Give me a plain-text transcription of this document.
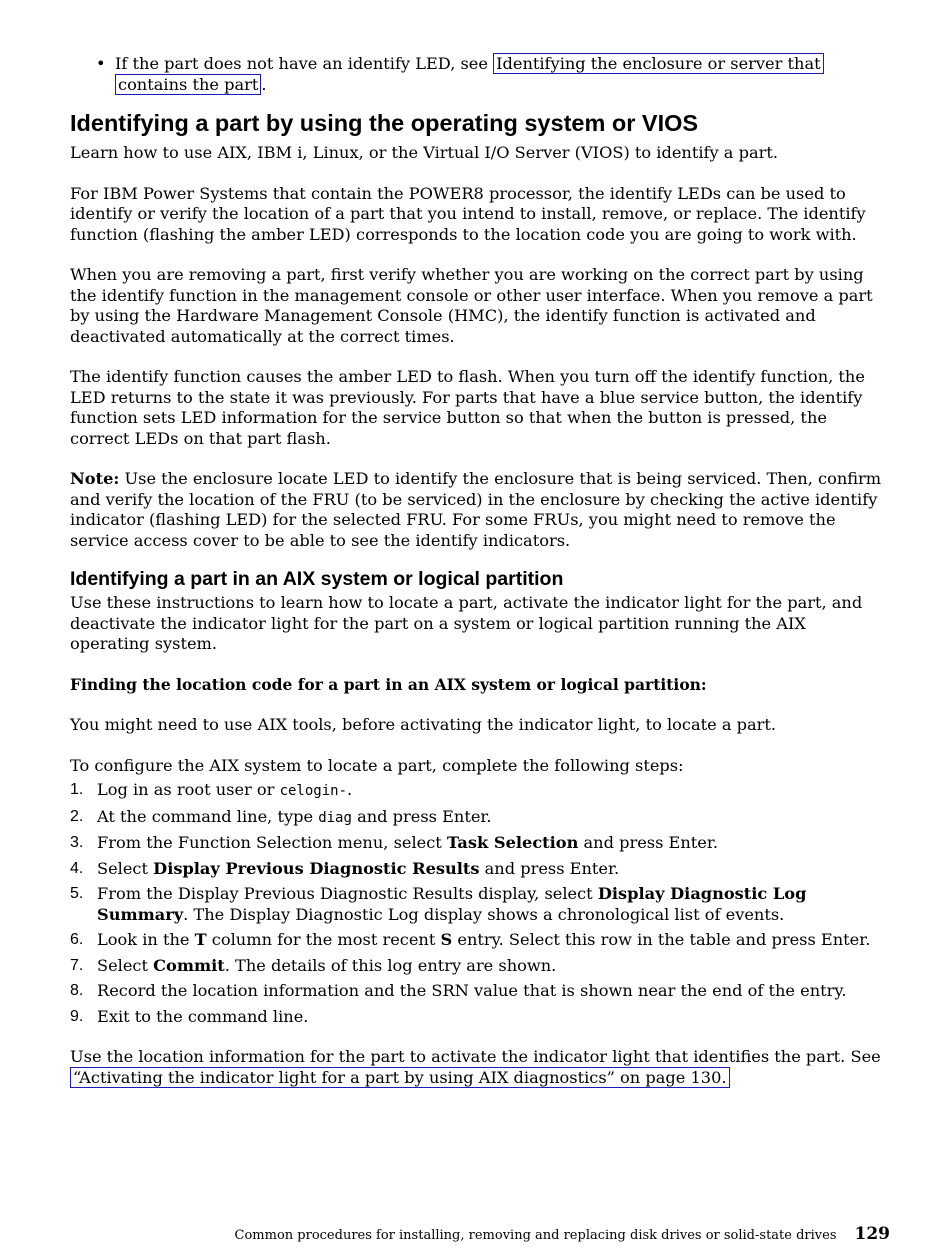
• If the part does not have an identify LED, see Identifying the enclosure or server that contains the part .

Identifying a part by using the operating system or VIOS

Learn how to use AIX, IBM i, Linux, or the Virtual I/O Server (VIOS) to identify a part.

For IBM Power Systems that contain the POWER8 processor, the identify LEDs can be used to identify or verify the location of a part that you intend to install, remove, or replace. The identify function (flashing the amber LED) corresponds to the location code you are going to work with.

When you are removing a part, first verify whether you are working on the correct part by using the identify function in the management console or other user interface. When you remove a part by using the Hardware Management Console (HMC), the identify function is activated and deactivated automatically at the correct times.

The identify function causes the amber LED to flash. When you turn off the identify function, the LED returns to the state it was previously. For parts that have a blue service button, the identify function sets LED information for the service button so that when the button is pressed, the correct LEDs on that part flash.

Note: Use the enclosure locate LED to identify the enclosure that is being serviced. Then, confirm and verify the location of the FRU (to be serviced) in the enclosure by checking the active identify indicator (flashing LED) for the selected FRU. For some FRUs, you might need to remove the service access cover to be able to see the identify indicators.

Identifying a part in an AIX system or logical partition

Use these instructions to learn how to locate a part, activate the indicator light for the part, and deactivate the indicator light for the part on a system or logical partition running the AIX operating system.

Finding the location code for a part in an AIX system or logical partition:

You might need to use AIX tools, before activating the indicator light, to locate a part.

To configure the AIX system to locate a part, complete the following steps:

1. Log in as root user or celogin-.
2. At the command line, type diag and press Enter.
3. From the Function Selection menu, select Task Selection and press Enter.
4. Select Display Previous Diagnostic Results and press Enter.
5. From the Display Previous Diagnostic Results display, select Display Diagnostic Log Summary. The Display Diagnostic Log display shows a chronological list of events.
6. Look in the T column for the most recent S entry. Select this row in the table and press Enter.
7. Select Commit. The details of this log entry are shown.
8. Record the location information and the SRN value that is shown near the end of the entry.
9. Exit to the command line.

Use the location information for the part to activate the indicator light that identifies the part. See “Activating the indicator light for a part by using AIX diagnostics” on page 130.

Common procedures for installing, removing and replacing disk drives or solid-state drives 129
